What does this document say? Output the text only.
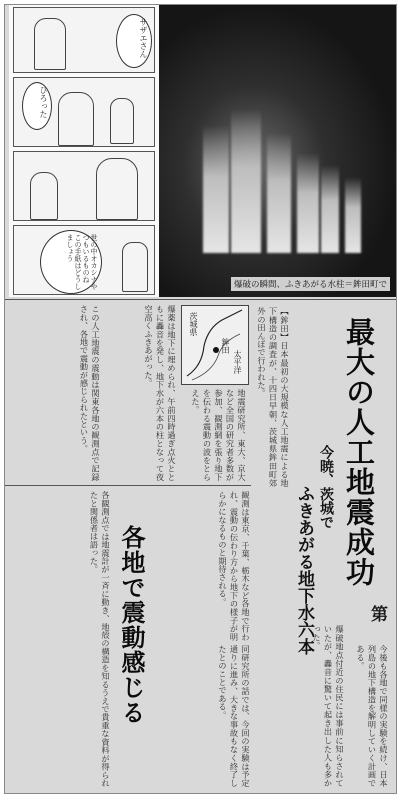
サザエさん
ひろった
世の中オカシナやつもいるものね　この手紙はどうしましょう
爆破の瞬間、ふきあがる水柱＝鉾田町で
最大の人工地震成功
今暁、茨城で
ふきあがる地下水六本
【鉾田】日本最初の大規模な人工地震による地下構造の調査が、十四日早朝、茨城県鉾田町郊外の田んぼで行われた。
茨城県
鉾田
太平洋
地震研究所、東大、京大など全国の研究者多数が参加、観測網を張り地下を伝わる震動の波をとらえた。
爆薬は地下に埋められ、午前四時過ぎ点火とともに轟音を発し、地下水が六本の柱となって夜空高くふきあがった。
この人工地震の震動は関東各地の観測点で記録され、各地で震動が感じられたという。
各地で震動感じる
各観測点では地震計が一斉に動き、地殻の構造を知るうえで貴重な資料が得られたと関係者は語った。	観測は東京、千葉、栃木など各地で行われ、震動の伝わり方から地下の様子が明らかになるものと期待される。
同研究所の話では、今回の実験は予定通りに進み、大きな事故もなく終了したとのことである。	爆破地点付近の住民には事前に知らされていたが、轟音に驚いて起き出した人も多かった。
今後も各地で同様の実験を続け、日本列島の地下構造を解明していく計画である。
第
